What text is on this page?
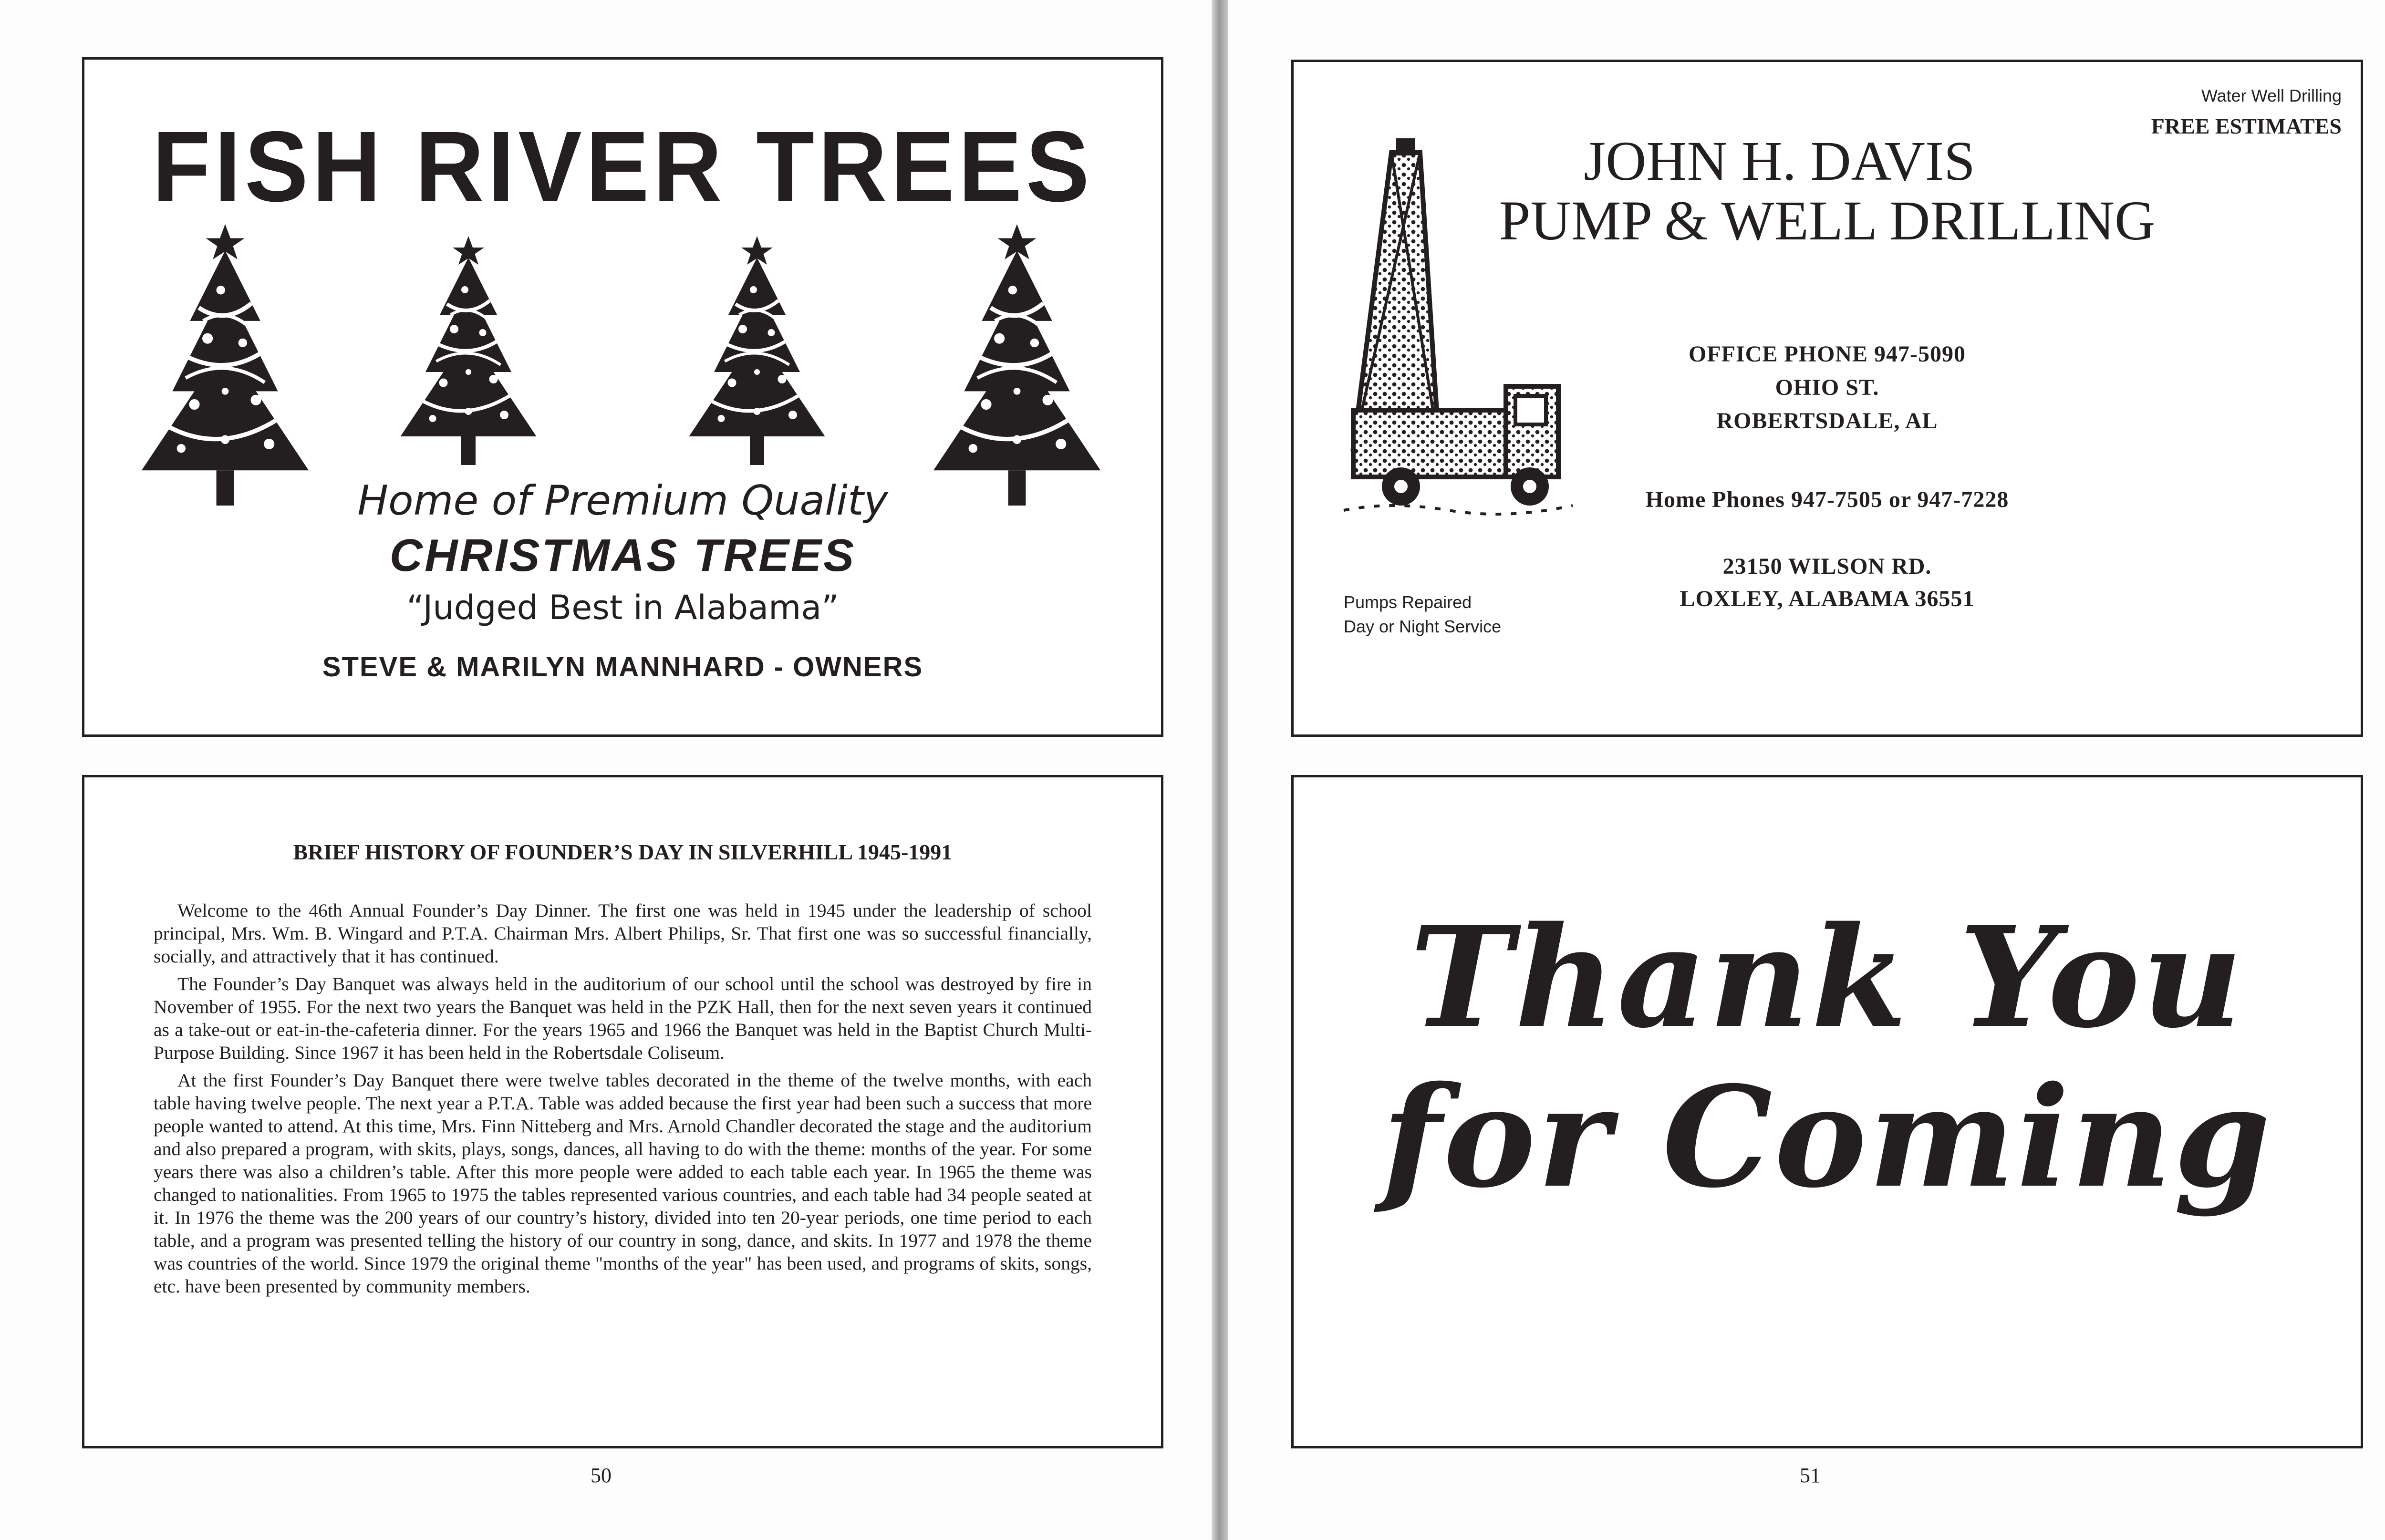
FISH RIVER TREES
Home of Premium Quality
CHRISTMAS TREES
“Judged Best in Alabama”
STEVE & MARILYN MANNHARD - OWNERS
BRIEF HISTORY OF FOUNDER’S DAY IN SILVERHILL 1945-1991

Welcome to the 46th Annual Founder’s Day Dinner. The first one was held in 1945 under the leadership of school principal, Mrs. Wm. B. Wingard and P.T.A. Chairman Mrs. Albert Philips, Sr. That first one was so successful financially, socially, and attractively that it has continued.

The Founder’s Day Banquet was always held in the auditorium of our school until the school was destroyed by fire in November of 1955. For the next two years the Banquet was held in the PZK Hall, then for the next seven years it continued as a take-out or eat-in-the-cafeteria dinner. For the years 1965 and 1966 the Banquet was held in the Baptist Church Multi-Purpose Building. Since 1967 it has been held in the Robertsdale Coliseum.

At the first Founder’s Day Banquet there were twelve tables decorated in the theme of the twelve months, with each table having twelve people. The next year a P.T.A. Table was added because the first year had been such a success that more people wanted to attend. At this time, Mrs. Finn Nitteberg and Mrs. Arnold Chandler decorated the stage and the auditorium and also prepared a program, with skits, plays, songs, dances, all having to do with the theme: months of the year. For some years there was also a children’s table. After this more people were added to each table each year. In 1965 the theme was changed to nationalities. From 1965 to 1975 the tables represented various countries, and each table had 34 people seated at it. In 1976 the theme was the 200 years of our country’s history, divided into ten 20-year periods, one time period to each table, and a program was presented telling the history of our country in song, dance, and skits. In 1977 and 1978 the theme was countries of the world. Since 1979 the original theme "months of the year" has been used, and programs of skits, songs, etc. have been presented by community members.

50
Water Well Drilling
FREE ESTIMATES
JOHN H. DAVIS
PUMP & WELL DRILLING
OFFICE PHONE 947-5090
OHIO ST.
ROBERTSDALE, AL
Home Phones 947-7505 or 947-7228
23150 WILSON RD.
LOXLEY, ALABAMA 36551
Pumps Repaired
Day or Night Service
Thank You
for Coming
51
